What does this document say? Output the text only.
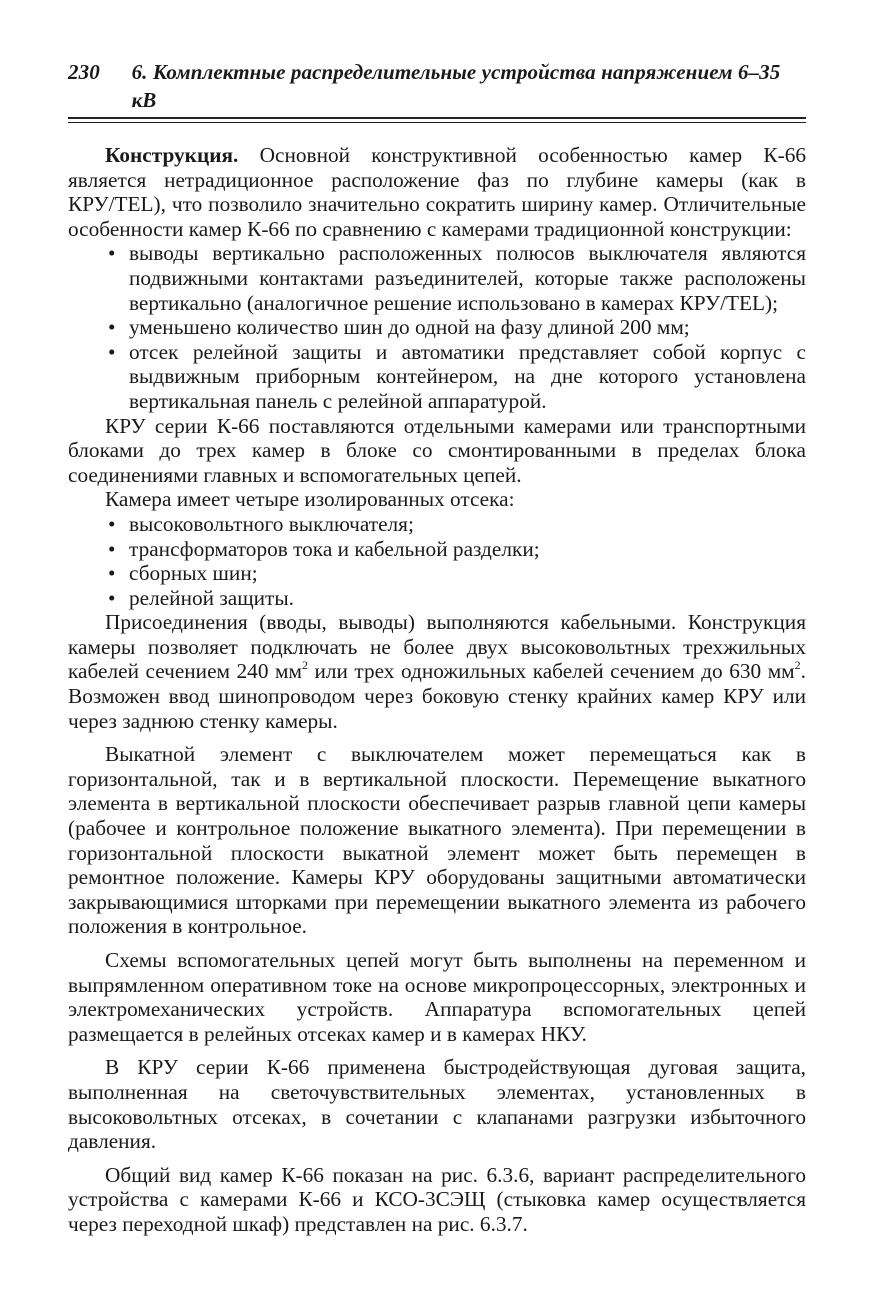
230	6. Комплектные распределительные устройства напряжением 6–35 кВ

Конструкция. Основной конструктивной особенностью камер К-66 является нетрадиционное расположение фаз по глубине камеры (как в КРУ/TEL), что позволило значительно сократить ширину камер. Отличительные особенности камер К-66 по сравнению с камерами традиционной конструкции:

• выводы вертикально расположенных полюсов выключателя являются подвижными контактами разъединителей, которые также расположены вертикально (аналогичное решение использовано в камерах КРУ/TEL);
• уменьшено количество шин до одной на фазу длиной 200 мм;
• отсек релейной защиты и автоматики представляет собой корпус с выдвижным приборным контейнером, на дне которого установлена вертикальная панель с релейной аппаратурой.

КРУ серии К-66 поставляются отдельными камерами или транспортными блоками до трех камер в блоке со смонтированными в пределах блока соединениями главных и вспомогательных цепей.

Камера имеет четыре изолированных отсека:

• высоковольтного выключателя;
• трансформаторов тока и кабельной разделки;
• сборных шин;
• релейной защиты.

Присоединения (вводы, выводы) выполняются кабельными. Конструкция камеры позволяет подключать не более двух высоковольтных трехжильных кабелей сечением 240 $мм^2$ или трех одножильных кабелей сечением до 630 $мм^2$. Возможен ввод шинопроводом через боковую стенку крайних камер КРУ или через заднюю стенку камеры.

Выкатной элемент с выключателем может перемещаться как в горизонтальной, так и в вертикальной плоскости. Перемещение выкатного элемента в вертикальной плоскости обеспечивает разрыв главной цепи камеры (рабочее и контрольное положение выкатного элемента). При перемещении в горизонтальной плоскости выкатной элемент может быть перемещен в ремонтное положение. Камеры КРУ оборудованы защитными автоматически закрывающимися шторками при перемещении выкатного элемента из рабочего положения в контрольное.

Схемы вспомогательных цепей могут быть выполнены на переменном и выпрямленном оперативном токе на основе микропроцессорных, электронных и электромеханических устройств. Аппаратура вспомогательных цепей размещается в релейных отсеках камер и в камерах НКУ.

В КРУ серии К-66 применена быстродействующая дуговая защита, выполненная на светочувствительных элементах, установленных в высоковольтных отсеках, в сочетании с клапанами разгрузки избыточного давления.

Общий вид камер К-66 показан на рис. 6.3.6, вариант распределительного устройства с камерами К-66 и КСО-3СЭЩ (стыковка камер осуществляется через переходной шкаф) представлен на рис. 6.3.7.
